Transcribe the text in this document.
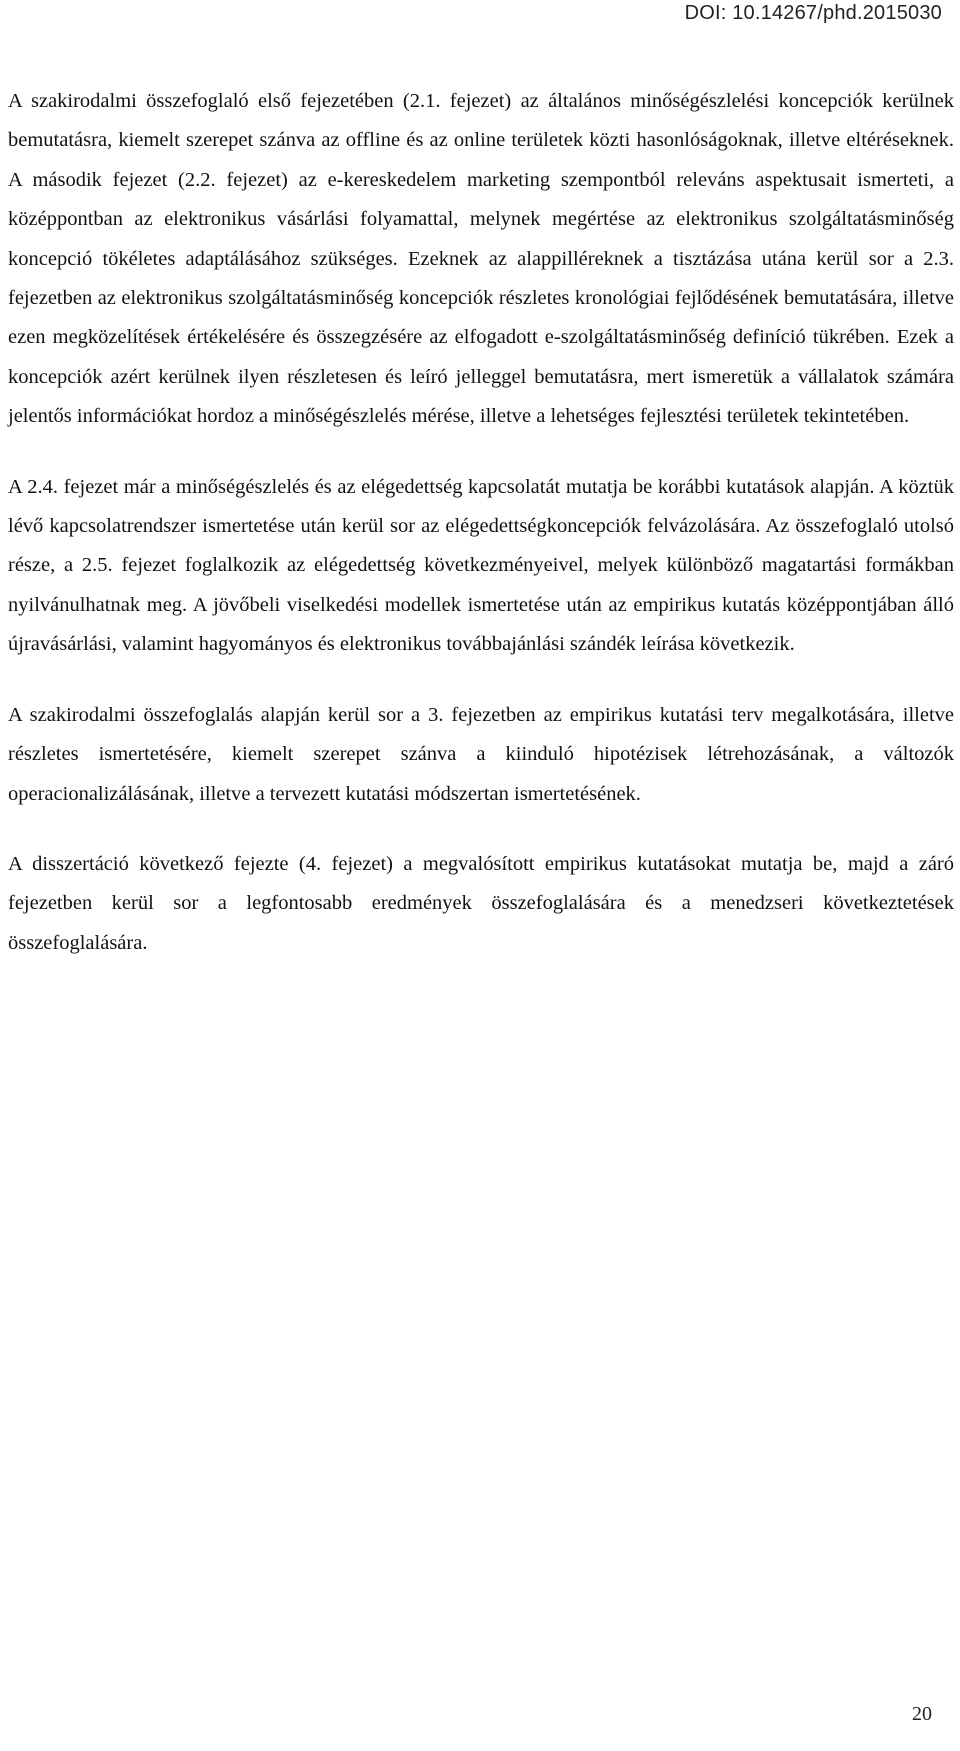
DOI: 10.14267/phd.2015030

A szakirodalmi összefoglaló első fejezetében (2.1. fejezet) az általános minőségészlelési koncepciók kerülnek bemutatásra, kiemelt szerepet szánva az offline és az online területek közti hasonlóságoknak, illetve eltéréseknek. A második fejezet (2.2. fejezet) az e-kereskedelem marketing szempontból releváns aspektusait ismerteti, a középpontban az elektronikus vásárlási folyamattal, melynek megértése az elektronikus szolgáltatásminőség koncepció tökéletes adaptálásához szükséges. Ezeknek az alappilléreknek a tisztázása utána kerül sor a 2.3. fejezetben az elektronikus szolgáltatásminőség koncepciók részletes kronológiai fejlődésének bemutatására, illetve ezen megközelítések értékelésére és összegzésére az elfogadott e-szolgáltatásminőség definíció tükrében. Ezek a koncepciók azért kerülnek ilyen részletesen és leíró jelleggel bemutatásra, mert ismeretük a vállalatok számára jelentős információkat hordoz a minőségészlelés mérése, illetve a lehetséges fejlesztési területek tekintetében.

A 2.4. fejezet már a minőségészlelés és az elégedettség kapcsolatát mutatja be korábbi kutatások alapján. A köztük lévő kapcsolatrendszer ismertetése után kerül sor az elégedettségkoncepciók felvázolására. Az összefoglaló utolsó része, a 2.5. fejezet foglalkozik az elégedettség következményeivel, melyek különböző magatartási formákban nyilvánulhatnak meg. A jövőbeli viselkedési modellek ismertetése után az empirikus kutatás középpontjában álló újravásárlási, valamint hagyományos és elektronikus továbbajánlási szándék leírása következik.

A szakirodalmi összefoglalás alapján kerül sor a 3. fejezetben az empirikus kutatási terv megalkotására, illetve részletes ismertetésére, kiemelt szerepet szánva a kiinduló hipotézisek létrehozásának, a változók operacionalizálásának, illetve a tervezett kutatási módszertan ismertetésének.

A disszertáció következő fejezte (4. fejezet) a megvalósított empirikus kutatásokat mutatja be, majd a záró fejezetben kerül sor a legfontosabb eredmények összefoglalására és a menedzseri következtetések összefoglalására.

20
